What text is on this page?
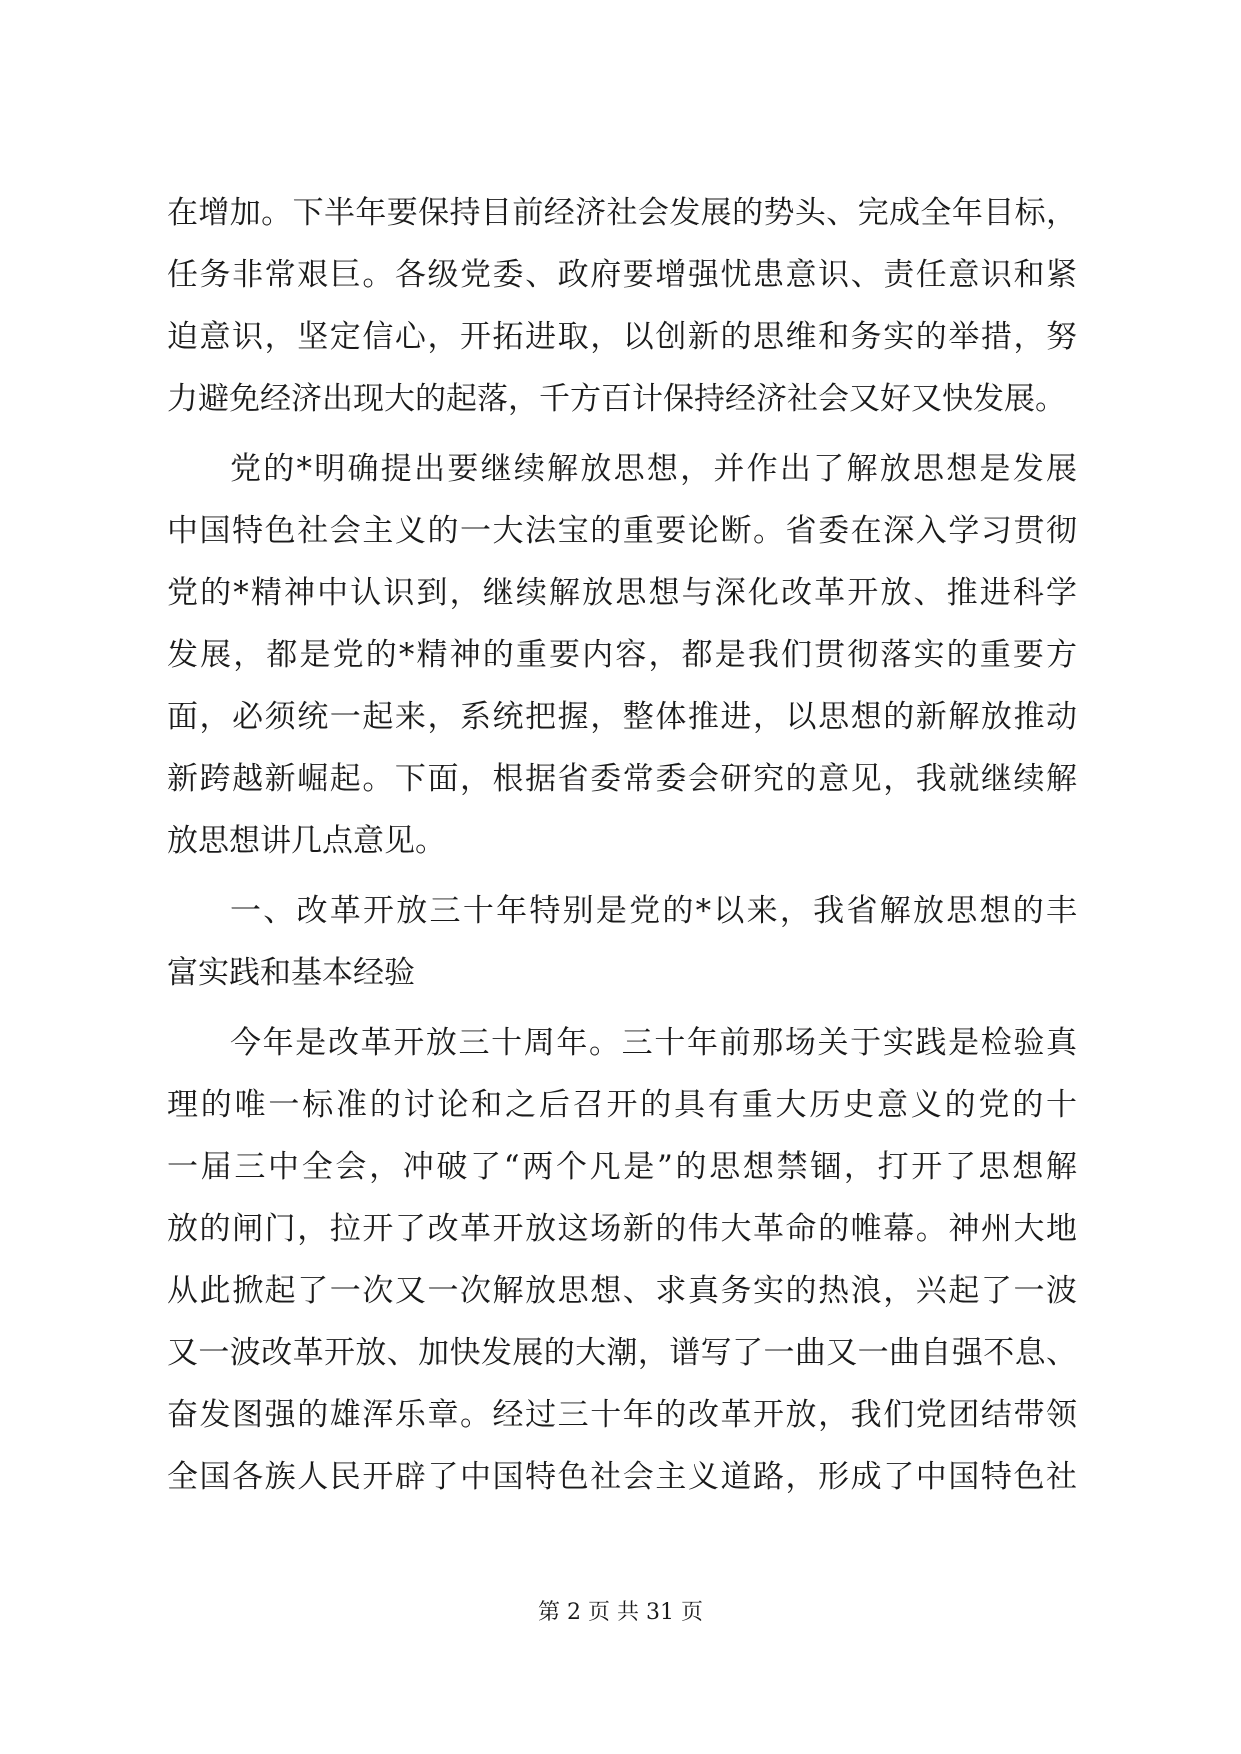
在增加。下半年要保持目前经济社会发展的势头、完成全年目标，
任务非常艰巨。各级党委、政府要增强忧患意识、责任意识和紧
迫意识，坚定信心，开拓进取，以创新的思维和务实的举措，努
力避免经济出现大的起落，千方百计保持经济社会又好又快发展。
党的*明确提出要继续解放思想，并作出了解放思想是发展
中国特色社会主义的一大法宝的重要论断。省委在深入学习贯彻
党的*精神中认识到，继续解放思想与深化改革开放、推进科学
发展，都是党的*精神的重要内容，都是我们贯彻落实的重要方
面，必须统一起来，系统把握，整体推进，以思想的新解放推动
新跨越新崛起。下面，根据省委常委会研究的意见，我就继续解
放思想讲几点意见。
一、改革开放三十年特别是党的*以来，我省解放思想的丰
富实践和基本经验
今年是改革开放三十周年。三十年前那场关于实践是检验真
理的唯一标准的讨论和之后召开的具有重大历史意义的党的十
一届三中全会，冲破了“两个凡是”的思想禁锢，打开了思想解
放的闸门，拉开了改革开放这场新的伟大革命的帷幕。神州大地
从此掀起了一次又一次解放思想、求真务实的热浪，兴起了一波
又一波改革开放、加快发展的大潮，谱写了一曲又一曲自强不息、
奋发图强的雄浑乐章。经过三十年的改革开放，我们党团结带领
全国各族人民开辟了中国特色社会主义道路，形成了中国特色社
第 2 页 共 31 页
